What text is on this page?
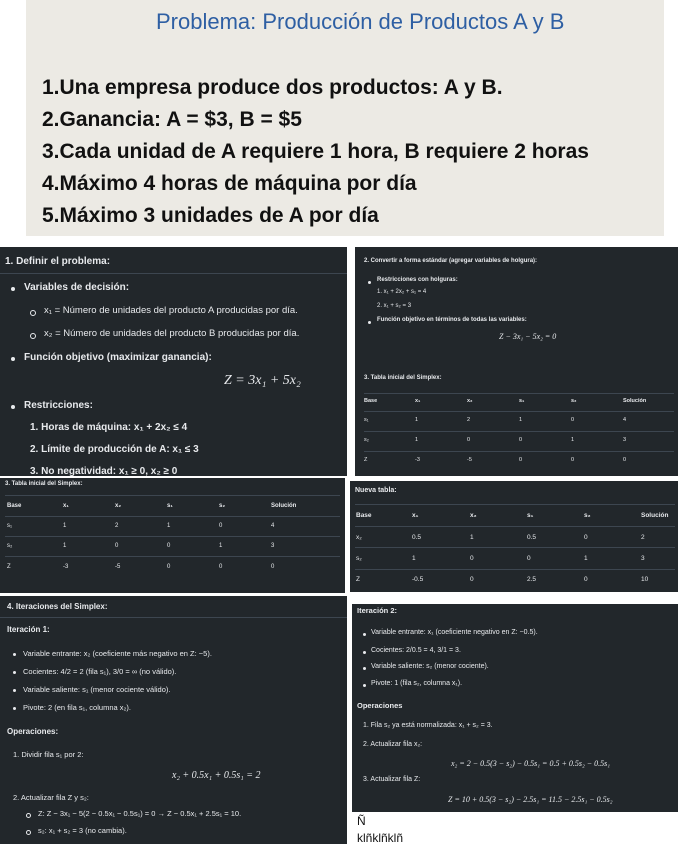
Problema: Producción de Productos A y B
1.Una empresa produce dos productos: A y B.
2.Ganancia: A = $3, B = $5
3.Cada unidad de A requiere 1 hora, B requiere 2 horas
4.Máximo 4 horas de máquina por día
5.Máximo 3 unidades de A por día
1. Definir el problema:
Variables de decisión:
x₁ = Número de unidades del producto A producidas por día.
x₂ = Número de unidades del producto B producidas por día.
Función objetivo (maximizar ganancia):
Z = 3x₁ + 5x₂
Restricciones:
1. Horas de máquina: x₁ + 2x₂ ≤ 4
2. Límite de producción de A: x₁ ≤ 3
3. No negatividad: x₁ ≥ 0, x₂ ≥ 0
2. Convertir a forma estándar (agregar variables de holgura):
Restricciones con holguras:
1. x₁ + 2x₂ + s₁ = 4
2. x₁ + s₂ = 3
Función objetivo en términos de todas las variables:
Z − 3x₁ − 5x₂ = 0
3. Tabla inicial del Simplex:
Base	x₁	x₂	s₁	s₂	Solución
s₁	1	2	1	0	4
s₂	1	0	0	1	3
Z	-3	-5	0	0	0
3. Tabla inicial del Simplex:
Base	x₁	x₂	s₁	s₂	Solución
s₁	1	2	1	0	4
s₂	1	0	0	1	3
Z	-3	-5	0	0	0
Nueva tabla:
Base	x₁	x₂	s₁	s₂	Solución
x₂	0.5	1	0.5	0	2
s₂	1	0	0	1	3
Z	-0.5	0	2.5	0	10
4. Iteraciones del Simplex:
Iteración 1:
Variable entrante: x₂ (coeficiente más negativo en Z: −5).
Cocientes: 4/2 = 2 (fila s₁), 3/0 = ∞ (no válido).
Variable saliente: s₁ (menor cociente válido).
Pivote: 2 (en fila s₁, columna x₂).
Operaciones:
1. Dividir fila s₁ por 2:
x₂ + 0.5x₁ + 0.5s₁ = 2
2. Actualizar fila Z y s₂:
Z: Z − 3x₁ − 5(2 − 0.5x₁ − 0.5s₁) = 0 → Z − 0.5x₁ + 2.5s₁ = 10.
s₂: x₁ + s₂ = 3 (no cambia).
Iteración 2:
Variable entrante: x₁ (coeficiente negativo en Z: −0.5).
Cocientes: 2/0.5 = 4, 3/1 = 3.
Variable saliente: s₂ (menor cociente).
Pivote: 1 (fila s₂, columna x₁).
Operaciones
1. Fila s₂ ya está normalizada: x₁ + s₂ = 3.
2. Actualizar fila x₂:
x₂ = 2 − 0.5(3 − s₂) − 0.5s₁ = 0.5 + 0.5s₂ − 0.5s₁
3. Actualizar fila Z:
Z = 10 + 0.5(3 − s₂) − 2.5s₁ = 11.5 − 2.5s₁ − 0.5s₂
Ñ
klñklñklñ
